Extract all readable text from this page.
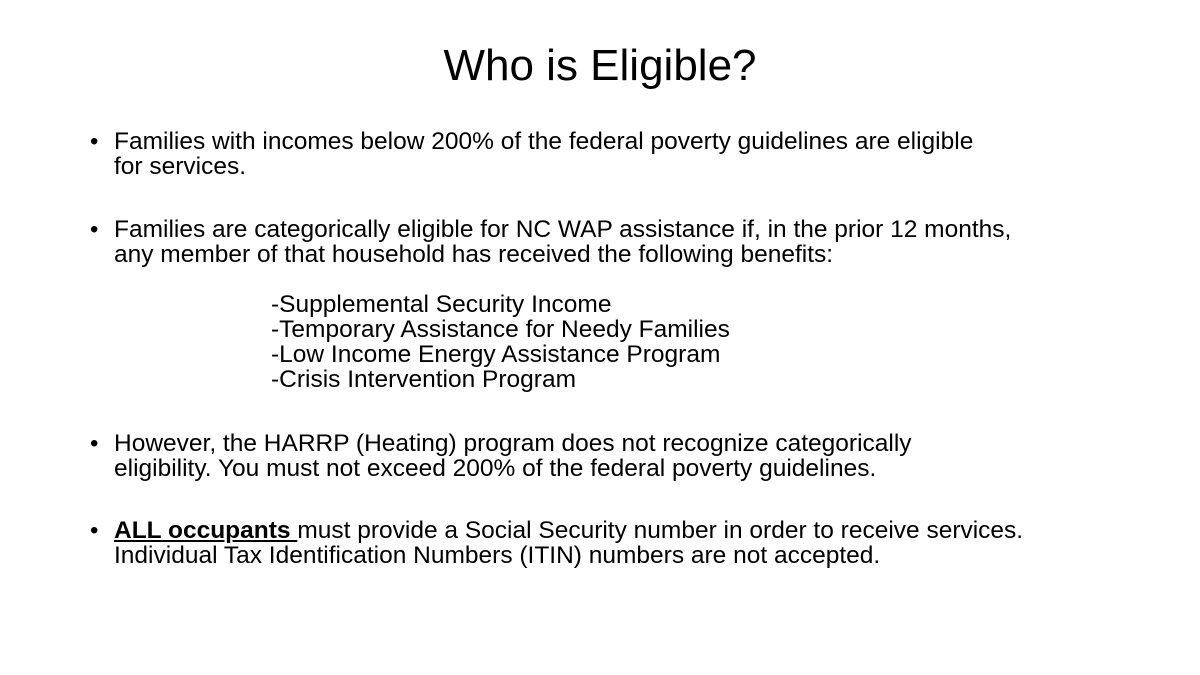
Who is Eligible?
• Families with incomes below 200% of the federal poverty guidelines are eligible
for services.
• Families are categorically eligible for NC WAP assistance if, in the prior 12 months,
any member of that household has received the following benefits:
-Supplemental Security Income
-Temporary Assistance for Needy Families
-Low Income Energy Assistance Program
-Crisis Intervention Program
• However, the HARRP (Heating) program does not recognize categorically
eligibility. You must not exceed 200% of the federal poverty guidelines.
• ALL occupants must provide a Social Security number in order to receive services.
Individual Tax Identification Numbers (ITIN) numbers are not accepted.
